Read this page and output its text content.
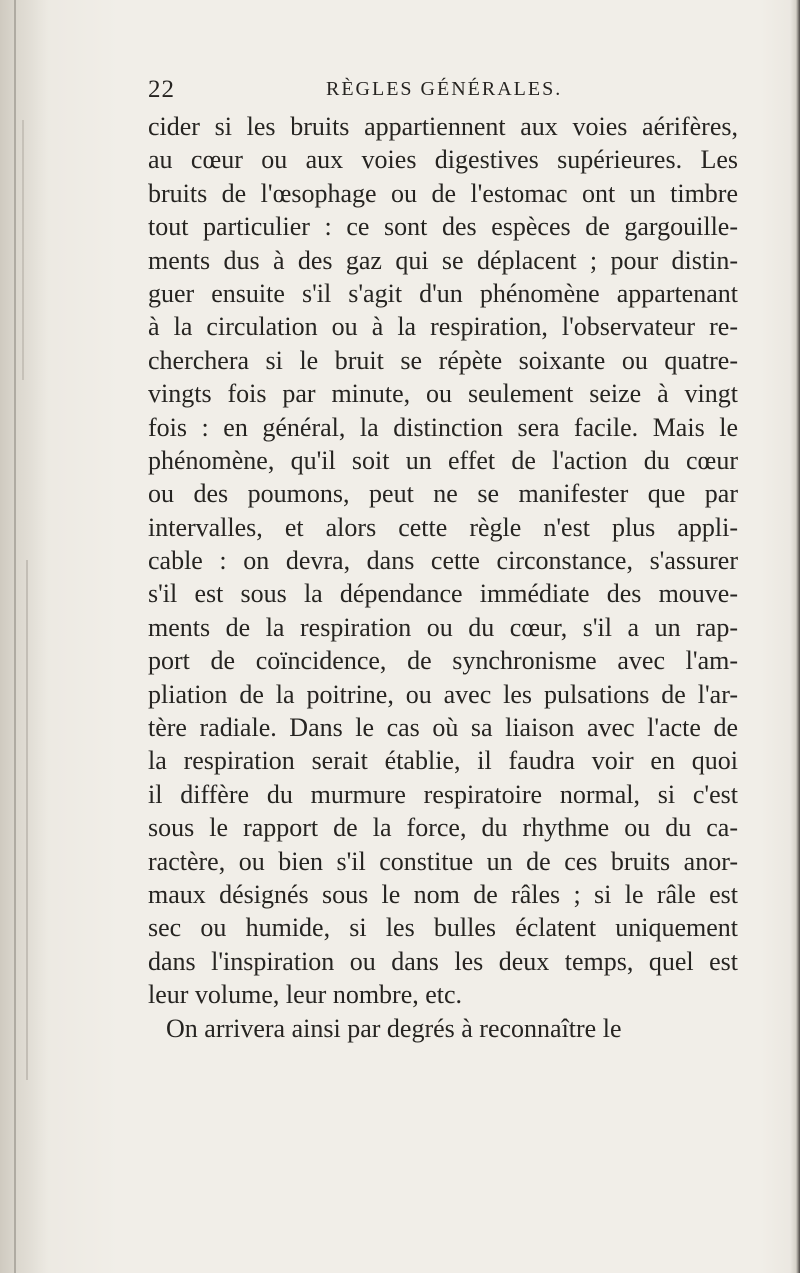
22	RÈGLES GÉNÉRALES.
cider si les bruits appartiennent aux voies aérifères,
au cœur ou aux voies digestives supérieures. Les
bruits de l'œsophage ou de l'estomac ont un timbre
tout particulier : ce sont des espèces de gargouille-
ments dus à des gaz qui se déplacent ; pour distin-
guer ensuite s'il s'agit d'un phénomène appartenant
à la circulation ou à la respiration, l'observateur re-
cherchera si le bruit se répète soixante ou quatre-
vingts fois par minute, ou seulement seize à vingt
fois : en général, la distinction sera facile. Mais le
phénomène, qu'il soit un effet de l'action du cœur
ou des poumons, peut ne se manifester que par
intervalles, et alors cette règle n'est plus appli-
cable : on devra, dans cette circonstance, s'assurer
s'il est sous la dépendance immédiate des mouve-
ments de la respiration ou du cœur, s'il a un rap-
port de coïncidence, de synchronisme avec l'am-
pliation de la poitrine, ou avec les pulsations de l'ar-
tère radiale. Dans le cas où sa liaison avec l'acte de
la respiration serait établie, il faudra voir en quoi
il diffère du murmure respiratoire normal, si c'est
sous le rapport de la force, du rhythme ou du ca-
ractère, ou bien s'il constitue un de ces bruits anor-
maux désignés sous le nom de râles ; si le râle est
sec ou humide, si les bulles éclatent uniquement
dans l'inspiration ou dans les deux temps, quel est
leur volume, leur nombre, etc.
On arrivera ainsi par degrés à reconnaître le
